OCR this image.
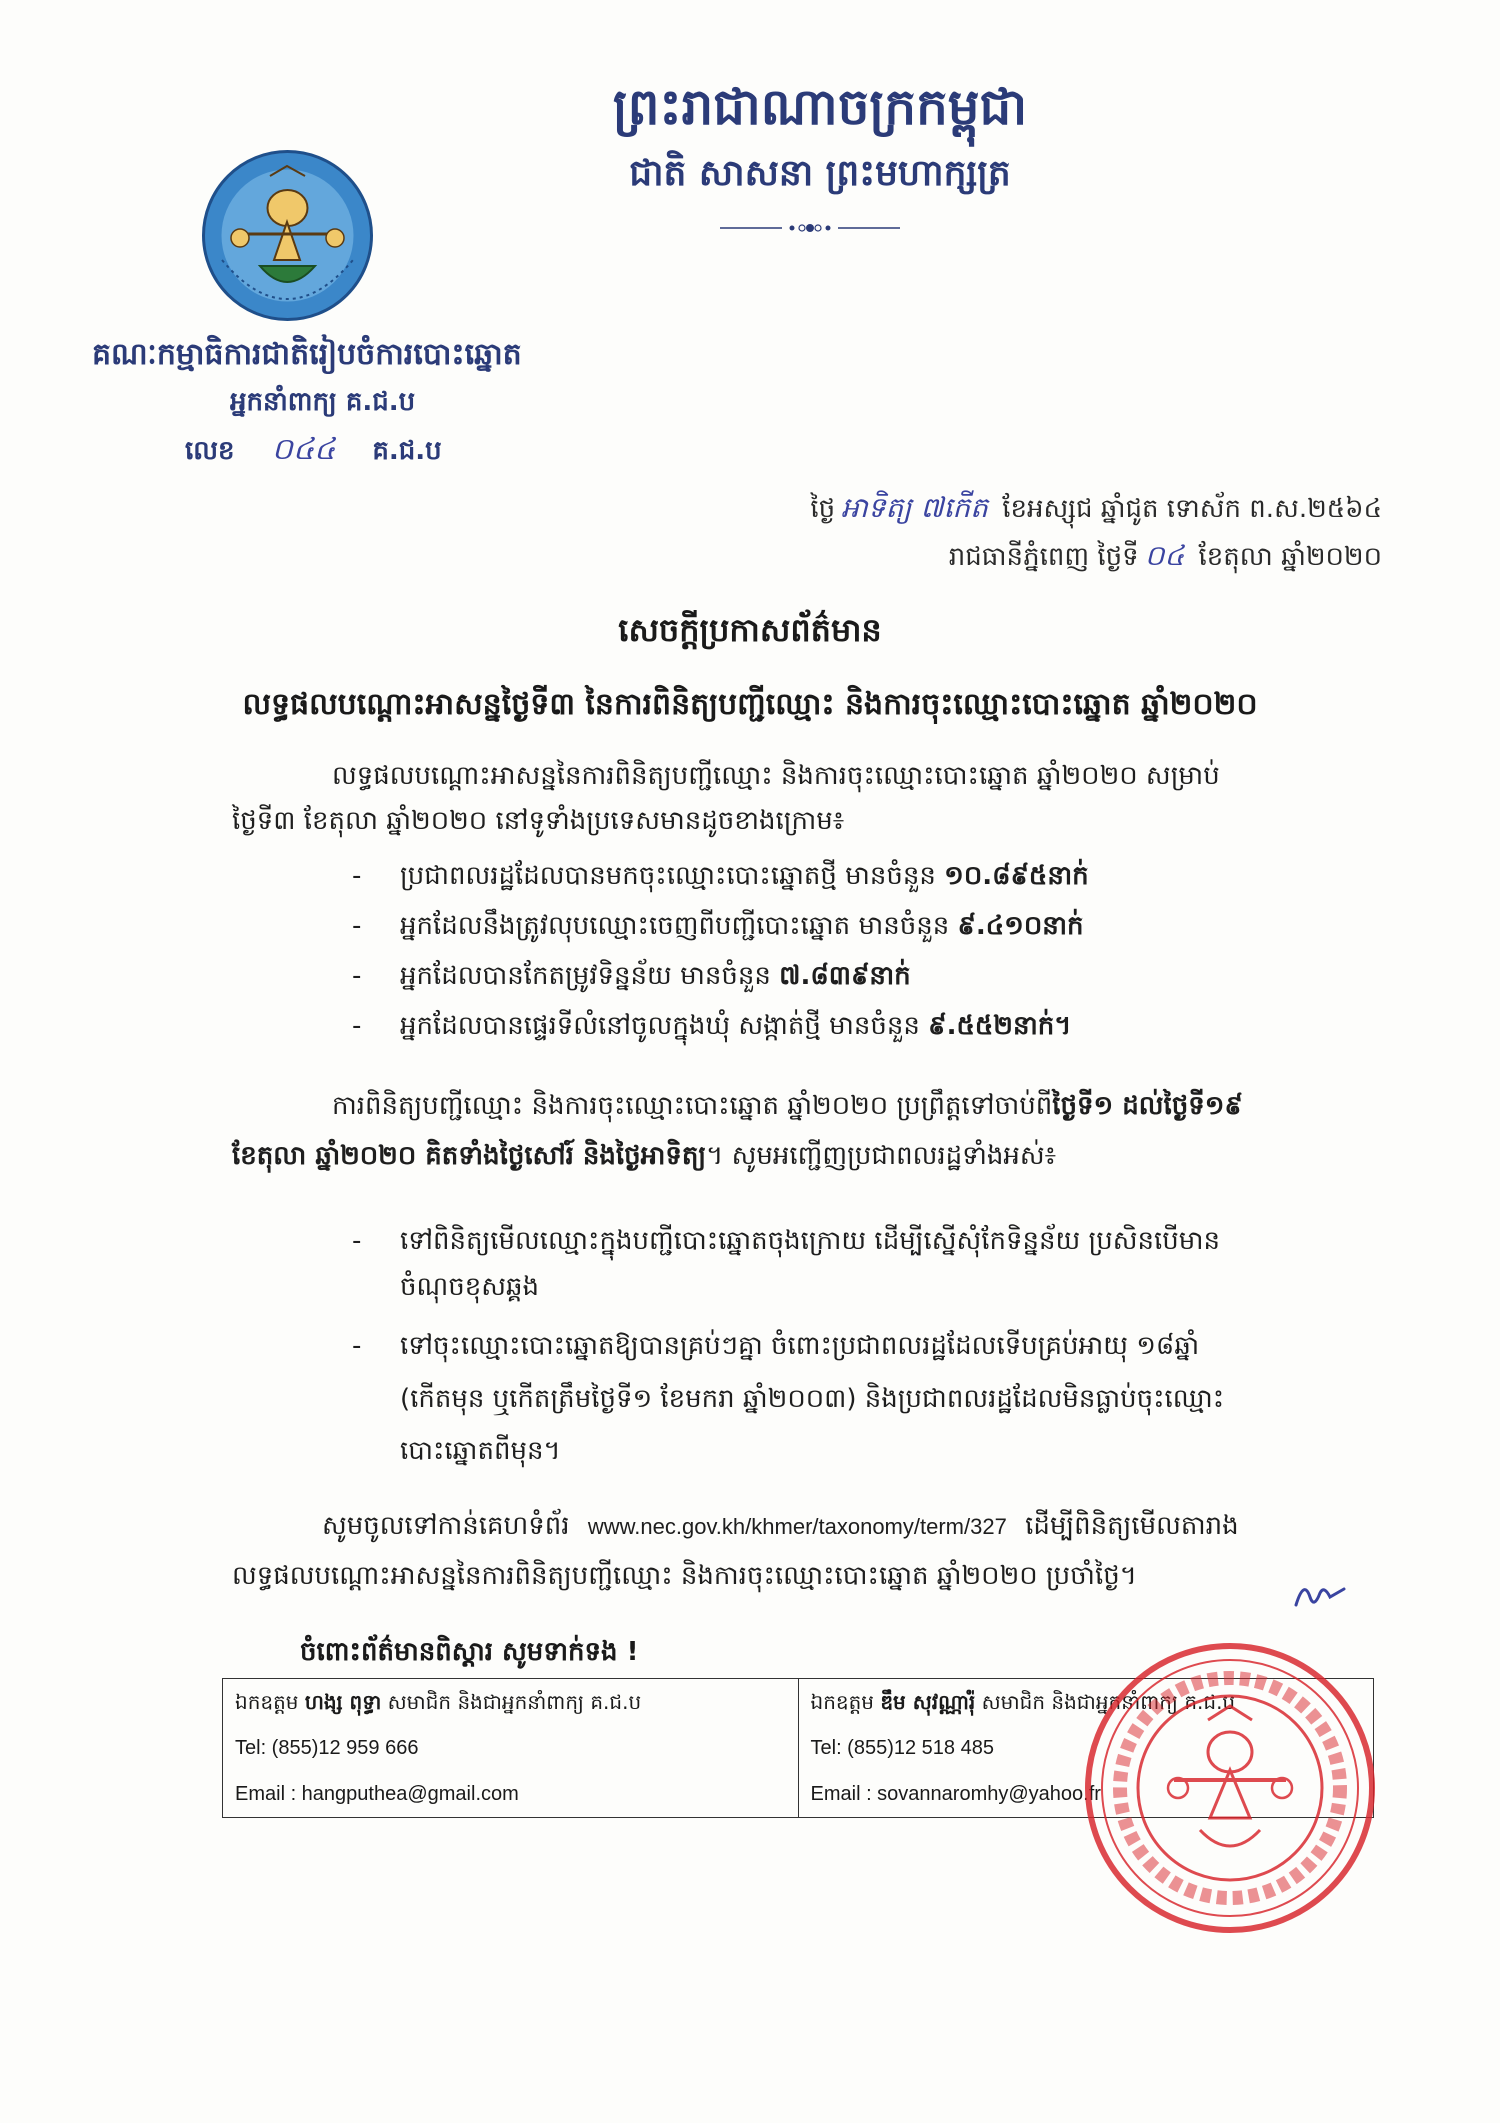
ព្រះរាជាណាចក្រកម្ពុជា
ជាតិ សាសនា ព្រះមហាក្សត្រ
គណៈកម្មាធិការជាតិរៀបចំការបោះឆ្នោត
អ្នកនាំពាក្យ គ.ជ.ប
លេខ ០៤៤ គ.ជ.ប
ថ្ងៃ អាទិត្យ ៧កើត ខែអស្សុជ ឆ្នាំជូត ទោស័ក ព.ស.២៥៦៤
រាជធានីភ្នំពេញ ថ្ងៃទី ០៤ ខែតុលា ឆ្នាំ២០២០
សេចក្តីប្រកាសព័ត៌មាន
លទ្ធផលបណ្ដោះអាសន្នថ្ងៃទី៣ នៃការពិនិត្យបញ្ជីឈ្មោះ និងការចុះឈ្មោះបោះឆ្នោត ឆ្នាំ២០២០
លទ្ធផលបណ្ដោះអាសន្ននៃការពិនិត្យបញ្ជីឈ្មោះ និងការចុះឈ្មោះបោះឆ្នោត ឆ្នាំ២០២០ សម្រាប់
ថ្ងៃទី៣ ខែតុលា ឆ្នាំ២០២០ នៅទូទាំងប្រទេសមានដូចខាងក្រោម៖
- ប្រជាពលរដ្ឋដែលបានមកចុះឈ្មោះបោះឆ្នោតថ្មី មានចំនួន ១០.៨៩៥នាក់
- អ្នកដែលនឹងត្រូវលុបឈ្មោះចេញពីបញ្ជីបោះឆ្នោត មានចំនួន ៩.៤១០នាក់
- អ្នកដែលបានកែតម្រូវទិន្នន័យ មានចំនួន ៧.៨៣៩នាក់
- អ្នកដែលបានផ្ទេរទីលំនៅចូលក្នុងឃុំ សង្កាត់ថ្មី មានចំនួន ៩.៥៥២នាក់។
ការពិនិត្យបញ្ជីឈ្មោះ និងការចុះឈ្មោះបោះឆ្នោត ឆ្នាំ២០២០ ប្រព្រឹត្តទៅចាប់ពីថ្ងៃទី១ ដល់ថ្ងៃទី១៩
ខែតុលា ឆ្នាំ២០២០ គិតទាំងថ្ងៃសៅរ៍ និងថ្ងៃអាទិត្យ។ សូមអញ្ជើញប្រជាពលរដ្ឋទាំងអស់៖
- ទៅពិនិត្យមើលឈ្មោះក្នុងបញ្ជីបោះឆ្នោតចុងក្រោយ ដើម្បីស្នើសុំកែទិន្នន័យ ប្រសិនបើមាន
ចំណុចខុសឆ្គង
- ទៅចុះឈ្មោះបោះឆ្នោតឱ្យបានគ្រប់ៗគ្នា ចំពោះប្រជាពលរដ្ឋដែលទើបគ្រប់អាយុ ១៨ឆ្នាំ
(កើតមុន ឬកើតត្រឹមថ្ងៃទី១ ខែមករា ឆ្នាំ២០០៣) និងប្រជាពលរដ្ឋដែលមិនធ្លាប់ចុះឈ្មោះ
បោះឆ្នោតពីមុន។
សូមចូលទៅកាន់គេហទំព័រ www.nec.gov.kh/khmer/taxonomy/term/327 ដើម្បីពិនិត្យមើលតារាង
លទ្ធផលបណ្ដោះអាសន្ននៃការពិនិត្យបញ្ជីឈ្មោះ និងការចុះឈ្មោះបោះឆ្នោត ឆ្នាំ២០២០ ប្រចាំថ្ងៃ។
ចំពោះព័ត៌មានពិស្តារ សូមទាក់ទង !
ឯកឧត្តម ហង្ស ពុទ្ធា សមាជិក និងជាអ្នកនាំពាក្យ គ.ជ.ប
Tel: (855)12 959 666
Email : hangputhea@gmail.com

ឯកឧត្តម ឌឹម សុវណ្ណារ៉ុំ សមាជិក និងជាអ្នកនាំពាក្យ គ.ជ.ប
Tel: (855)12 518 485
Email : sovannaromhy@yahoo.fr
